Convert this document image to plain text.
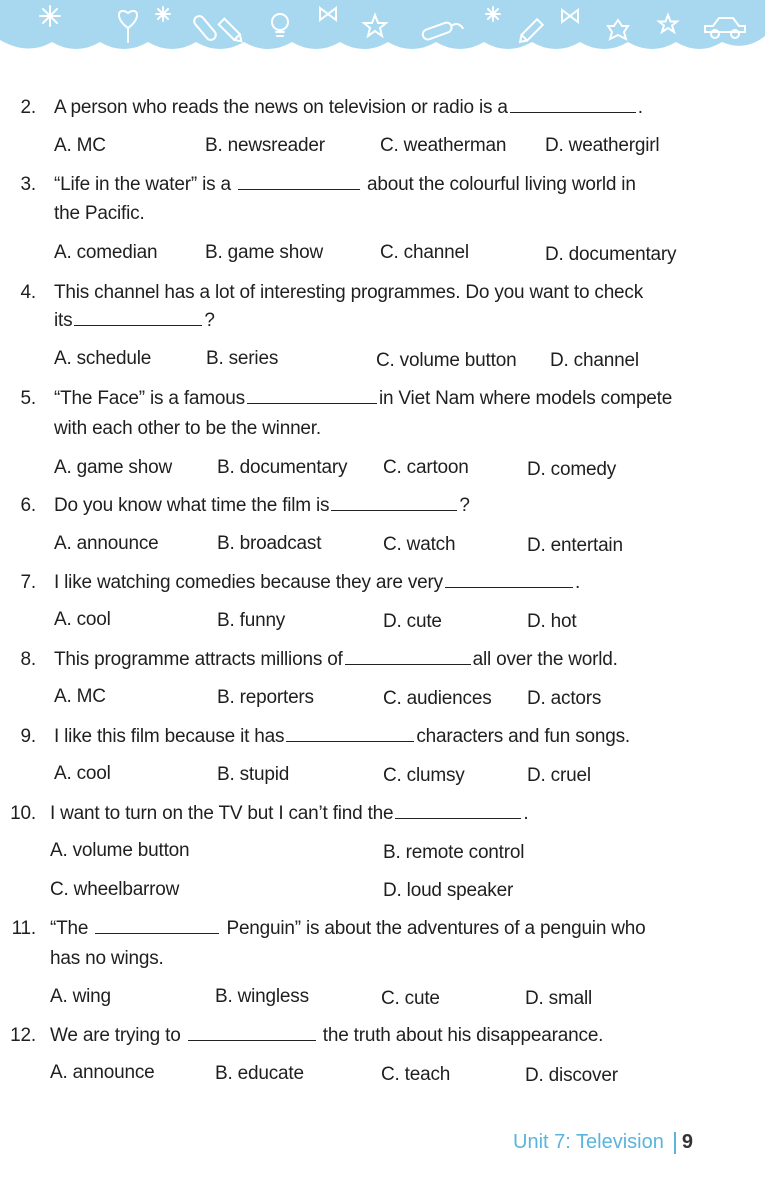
2. A person who reads the news on television or radio is a	.
A. MC	B. newsreader	C. weatherman D. weathergirl
3. “Life in the water” is a	about the colourful living world in
the Pacific.
A. comedian	B. game show	C. channel	D. documentary
4. This channel has a lot of interesting programmes. Do you want to check
its	?
A. schedule	B. series	C. volume button D. channel
5. “The Face” is a famous	in Viet Nam where models compete
with each other to be the winner.
A. game show B. documentary C. cartoon	D. comedy
6. Do you know what time the film is	?
A. announce	B. broadcast	C. watch	D. entertain
7. I like watching comedies because they are very	.
A. cool	B. funny	D. cute	D. hot
8. This programme attracts millions of	all over the world.
A. MC	B. reporters	C. audiences D. actors
9. I like this film because it has	characters and fun songs.
A. cool	B. stupid	C. clumsy	D. cruel
10. I want to turn on the TV but I can’t find the	.
A. volume button	B. remote control
C. wheelbarrow	D. loud speaker
11. “The	Penguin” is about the adventures of a penguin who
has no wings.
A. wing	B. wingless	C. cute	D. small
12. We are trying to	the truth about his disappearance.
A. announce	B. educate	C. teach	D. discover
Unit 7: Television 9
